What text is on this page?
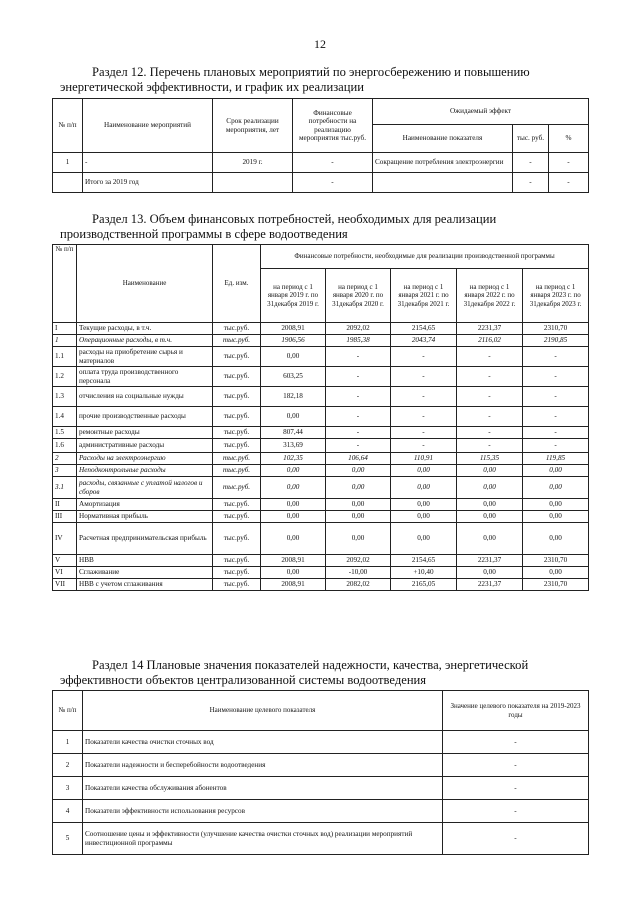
12
Раздел 12. Перечень плановых мероприятий по энергосбережению и повышению
энергетической эффективности, и график их реализации
№ п/п	Наименование мероприятий	Срок реализации мероприятия, лет	Финансовые потребности на реализацию мероприятия тыс.руб.	Ожидаемый эффект		
				Наименование показателя	тыс. руб.	%
1	-	2019 г.	-	Сокращение потребления электроэнергии	-	-
	Итого за 2019 год		-		-	-
Раздел 13. Объем финансовых потребностей, необходимых для реализации
производственной программы в сфере водоотведения
№ п/п	Наименование	Ед. изм.	Финансовые потребности, необходимые для реализации производственной программы				
			на период с 1 января 2019 г. по 31декабря 2019 г.	на период с 1 января 2020 г. по 31декабря 2020 г.	на период с 1 января 2021 г. по 31декабря 2021 г.	на период с 1 января 2022 г. по 31декабря 2022 г.	на период с 1 января 2023 г. по 31декабря 2023 г.
I	Текущие расходы, в т.ч.	тыс.руб.	2008,91	2092,02	2154,65	2231,37	2310,70
1	Операционные расходы, в т.ч.	тыс.руб.	1906,56	1985,38	2043,74	2116,02	2190,85
1.1	расходы на приобретение сырья и материалов	тыс.руб.	0,00	-	-	-	-
1.2	оплата труда производственного персонала	тыс.руб.	603,25	-	-	-	-
1.3	отчисления на социальные нужды	тыс.руб.	182,18	-	-	-	-
1.4	прочие производственные расходы	тыс.руб.	0,00	-	-	-	-
1.5	ремонтные расходы	тыс.руб.	807,44	-	-	-	-
1.6	административные расходы	тыс.руб.	313,69	-	-	-	-
2	Расходы на электроэнергию	тыс.руб.	102,35	106,64	110,91	115,35	119,85
3	Неподконтрольные расходы	тыс.руб.	0,00	0,00	0,00	0,00	0,00
3.1	расходы, связанные с уплатой налогов и сборов	тыс.руб.	0,00	0,00	0,00	0,00	0,00
II	Амортизация	тыс.руб.	0,00	0,00	0,00	0,00	0,00
III	Нормативная прибыль	тыс.руб.	0,00	0,00	0,00	0,00	0,00
IV	Расчетная предпринимательская прибыль	тыс.руб.	0,00	0,00	0,00	0,00	0,00
V	НВВ	тыс.руб.	2008,91	2092,02	2154,65	2231,37	2310,70
VI	Сглаживание	тыс.руб.	0,00	-10,00	+10,40	0,00	0,00
VII	НВВ с учетом сглаживания	тыс.руб.	2008,91	2082,02	2165,05	2231,37	2310,70
Раздел 14 Плановые значения показателей надежности, качества, энергетической
эффективности объектов централизованной системы водоотведения
№ п/п	Наименование целевого показателя	Значение целевого показателя на 2019-2023 годы
1	Показатели качества очистки сточных вод	-
2	Показатели надежности и бесперебойности водоотведения	-
3	Показатели качества обслуживания абонентов	-
4	Показатели эффективности использования ресурсов	-
5	Соотношение цены и эффективности (улучшение качества очистки сточных вод) реализации мероприятий инвестиционной программы	-
